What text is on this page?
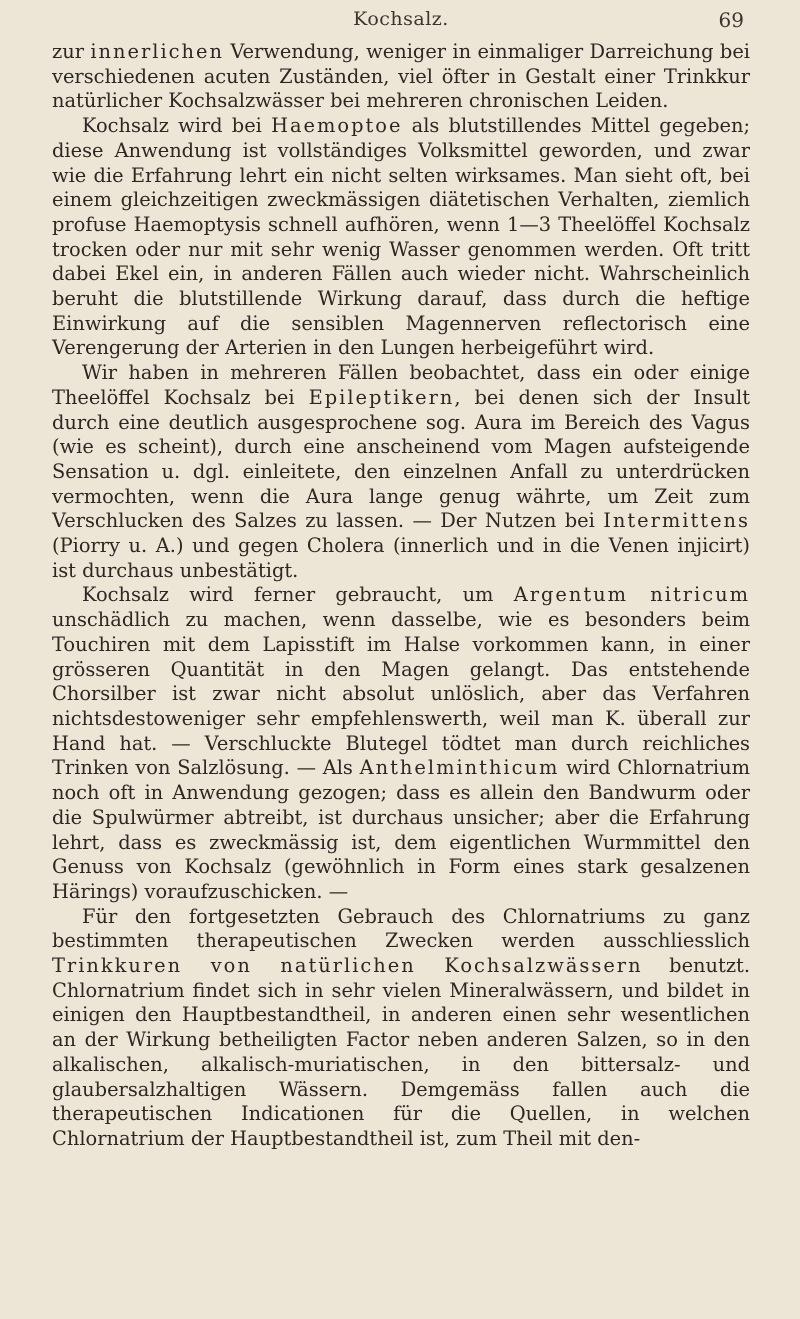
Kochsalz.	69

zur innerlichen Verwendung, weniger in einmaliger Darreichung bei verschiedenen acuten Zuständen, viel öfter in Gestalt einer Trinkkur natürlicher Kochsalzwässer bei mehreren chronischen Leiden.

Kochsalz wird bei Haemoptoe als blutstillendes Mittel gegeben; diese Anwendung ist vollständiges Volksmittel geworden, und zwar wie die Erfahrung lehrt ein nicht selten wirksames. Man sieht oft, bei einem gleichzeitigen zweckmässigen diätetischen Verhalten, ziemlich profuse Haemoptysis schnell aufhören, wenn 1—3 Theelöffel Kochsalz trocken oder nur mit sehr wenig Wasser genommen werden. Oft tritt dabei Ekel ein, in anderen Fällen auch wieder nicht. Wahrscheinlich beruht die blutstillende Wirkung darauf, dass durch die heftige Einwirkung auf die sensiblen Magennerven reflectorisch eine Verengerung der Arterien in den Lungen herbeigeführt wird.

Wir haben in mehreren Fällen beobachtet, dass ein oder einige Theelöffel Kochsalz bei Epileptikern, bei denen sich der Insult durch eine deutlich ausgesprochene sog. Aura im Bereich des Vagus (wie es scheint), durch eine anscheinend vom Magen aufsteigende Sensation u. dgl. einleitete, den einzelnen Anfall zu unterdrücken vermochten, wenn die Aura lange genug währte, um Zeit zum Verschlucken des Salzes zu lassen. — Der Nutzen bei Intermittens (Piorry u. A.) und gegen Cholera (innerlich und in die Venen injicirt) ist durchaus unbestätigt.

Kochsalz wird ferner gebraucht, um Argentum nitricum unschädlich zu machen, wenn dasselbe, wie es besonders beim Touchiren mit dem Lapisstift im Halse vorkommen kann, in einer grösseren Quantität in den Magen gelangt. Das entstehende Chorsilber ist zwar nicht absolut unlöslich, aber das Verfahren nichtsdestoweniger sehr empfehlenswerth, weil man K. überall zur Hand hat. — Verschluckte Blutegel tödtet man durch reichliches Trinken von Salzlösung. — Als Anthelminthicum wird Chlornatrium noch oft in Anwendung gezogen; dass es allein den Bandwurm oder die Spulwürmer abtreibt, ist durchaus unsicher; aber die Erfahrung lehrt, dass es zweckmässig ist, dem eigentlichen Wurmmittel den Genuss von Kochsalz (gewöhnlich in Form eines stark gesalzenen Härings) voraufzuschicken. —

Für den fortgesetzten Gebrauch des Chlornatriums zu ganz bestimmten therapeutischen Zwecken werden ausschliesslich Trinkkuren von natürlichen Kochsalzwässern benutzt. Chlornatrium findet sich in sehr vielen Mineralwässern, und bildet in einigen den Hauptbestandtheil, in anderen einen sehr wesentlichen an der Wirkung betheiligten Factor neben anderen Salzen, so in den alkalischen, alkalisch-muriatischen, in den bittersalz- und glaubersalzhaltigen Wässern. Demgemäss fallen auch die therapeutischen Indicationen für die Quellen, in welchen Chlornatrium der Hauptbestandtheil ist, zum Theil mit den-
